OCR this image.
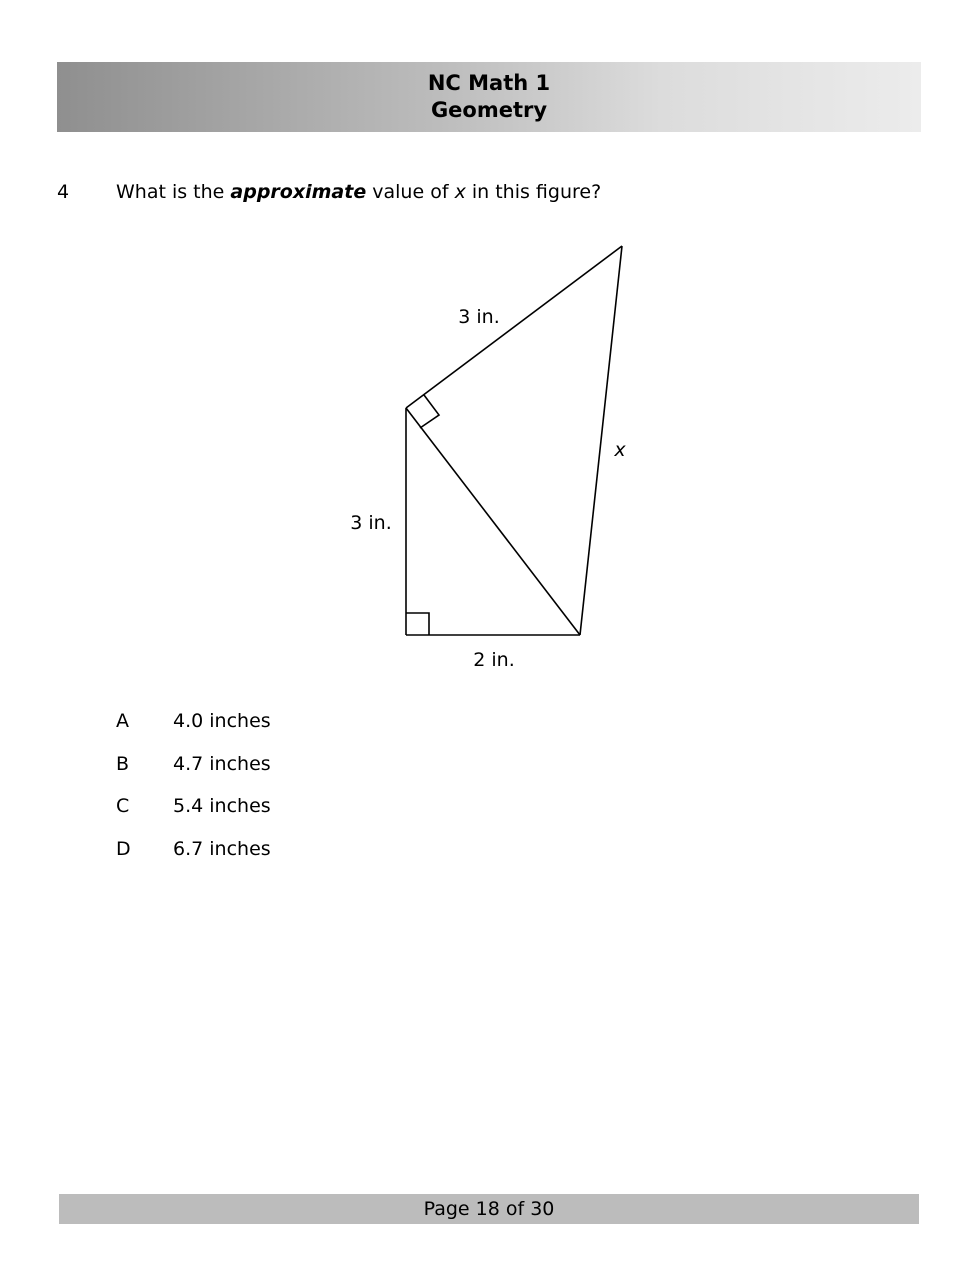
NC Math 1
Geometry
4 What is the approximate value of x in this figure?
3 in.
3 in.
2 in.
x
A 4.0 inches
B 4.7 inches
C 5.4 inches
D 6.7 inches
Page 18 of 30
